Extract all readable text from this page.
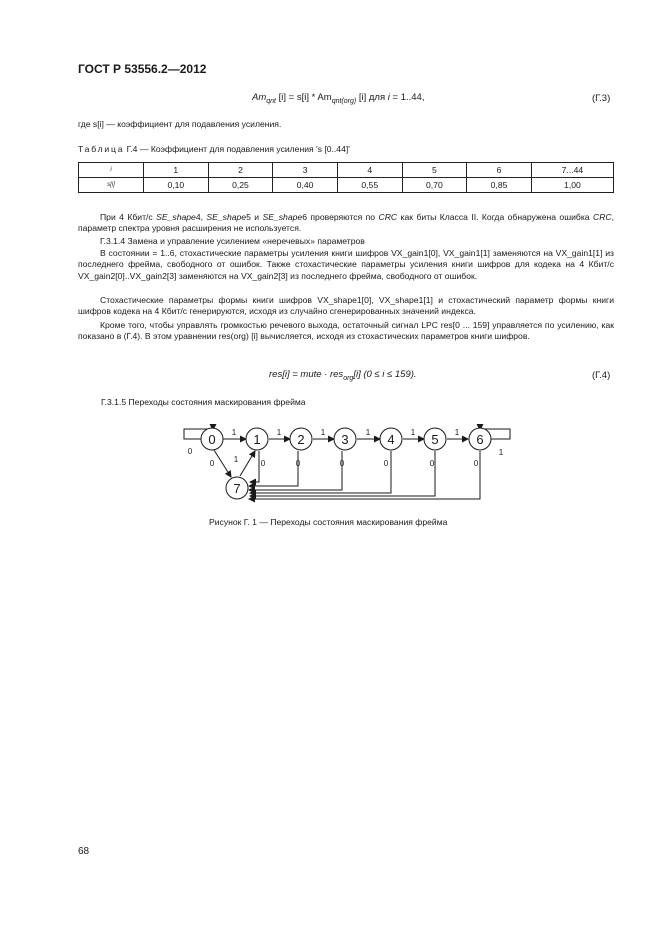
ГОСТ Р 53556.2—2012
$Am_{qnt}$ $[i] = s[i] * Am_{qnt(org)}$ [i] для i = 1..44,	(Г.3)
где s[i] — коэффициент для подавления усиления.
Таблица Г.4 — Коэффициент для подавления усиления 's [0..44]'
i	1	2	3	4	5	6	7...44
s[i]	0,10	0,25	0,40	0,55	0,70	0,85	1,00
При 4 Кбит/с SE_shape4, SE_shape5 и SE_shape6 проверяются по CRC как биты Класса II. Когда обнаружена ошибка CRC, параметр спектра уровня расширения не используется.
Г.3.1.4 Замена и управление усилением «неречевых» параметров
В состоянии = 1..6, стохастические параметры усиления книги шифров VX_gain1[0], VX_gain1[1] заменяются на VX_gain1[1] из последнего фрейма, свободного от ошибок. Также стохастические параметры усиления книги шифров для кодека на 4 Кбит/с VX_gain2[0]..VX_gain2[3] заменяются на VX_gain2[3] из последнего фрейма, свободного от ошибок.
Стохастические параметры формы книги шифров VX_shape1[0], VX_shape1[1] и стохастический параметр формы книги шифров кодека на 4 Кбит/с генерируются, исходя из случайно сгенерированных значений индекса.
Кроме того, чтобы управлять громкостью речевого выхода, остаточный сигнал LPC res[0 ... 159] управляется по усилению, как показано в (Г.4). В этом уравнении res(org) [i] вычисляется, исходя из стохастических параметров книги шифров.
res[i] = mute · res$_{org}$[i] (0 ≤ i ≤ 159).	(Г.4)
Г.3.1.5 Переходы состояния маскирования фрейма
0	1	2	3	4	5	6
7
1	1	1	1	1	1
0	1
0 1	0	0	0	0	0	0
Рисунок Г. 1 — Переходы состояния маскирования фрейма
68
